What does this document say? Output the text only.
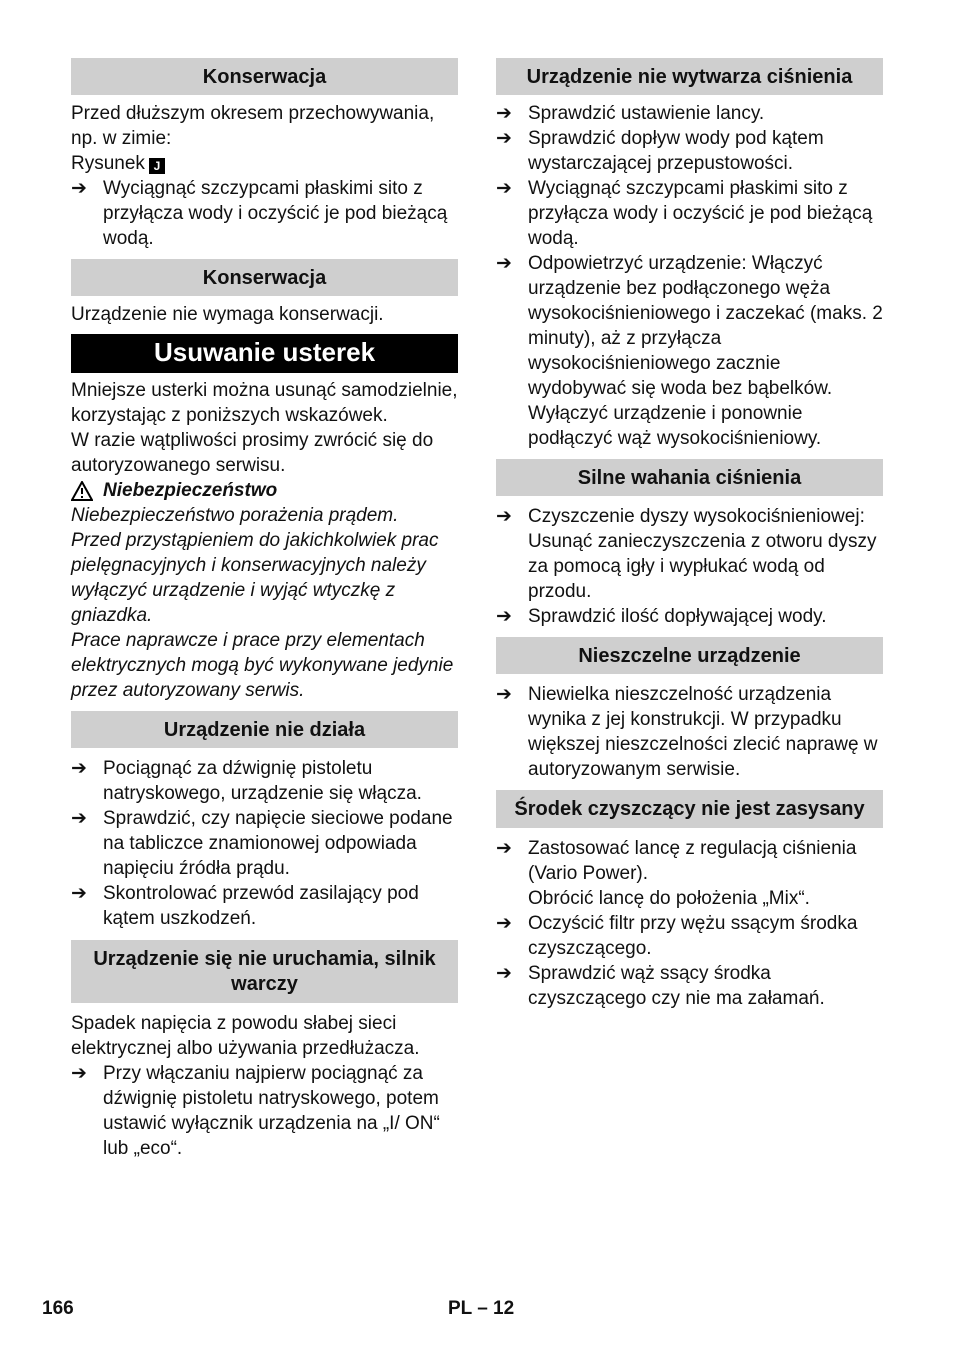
Konserwacja

Przed dłuższym okresem przechowywania, np. w zimie:

Rysunek J

➔ Wyciągnąć szczypcami płaskimi sito z przyłącza wody i oczyścić je pod bieżącą wodą.
Konserwacja

Urządzenie nie wymaga konserwacji.

Usuwanie usterek

Mniejsze usterki można usunąć samodzielnie, korzystając z poniższych wskazówek.

W razie wątpliwości prosimy zwrócić się do autoryzowanego serwisu.

Niebezpieczeństwo

Niebezpieczeństwo porażenia prądem.

Przed przystąpieniem do jakichkolwiek prac pielęgnacyjnych i konserwacyjnych należy wyłączyć urządzenie i wyjąć wtyczkę z gniazdka.

Prace naprawcze i prace przy elementach elektrycznych mogą być wykonywane jedynie przez autoryzowany serwis.

Urządzenie nie działa
➔ Pociągnąć za dźwignię pistoletu natryskowego, urządzenie się włącza.
➔ Sprawdzić, czy napięcie sieciowe podane na tabliczce znamionowej odpowiada napięciu źródła prądu.
➔ Skontrolować przewód zasilający pod kątem uszkodzeń.
Urządzenie się nie uruchamia, silnik warczy

Spadek napięcia z powodu słabej sieci elektrycznej albo używania przedłużacza.

➔ Przy włączaniu najpierw pociągnąć za dźwignię pistoletu natryskowego, potem ustawić wyłącznik urządzenia na „I/ ON“ lub „eco“.
Urządzenie nie wytwarza ciśnienia
➔ Sprawdzić ustawienie lancy.
➔ Sprawdzić dopływ wody pod kątem wystarczającej przepustowości.
➔ Wyciągnąć szczypcami płaskimi sito z przyłącza wody i oczyścić je pod bieżącą wodą.
➔ Odpowietrzyć urządzenie: Włączyć urządzenie bez podłączonego węża wysokociśnieniowego i zaczekać (maks. 2 minuty), aż z przyłącza wysokociśnieniowego zacznie wydobywać się woda bez bąbelków. Wyłączyć urządzenie i ponownie podłączyć wąż wysokociśnieniowy.
Silne wahania ciśnienia
➔ Czyszczenie dyszy wysokociśnieniowej: Usunąć zanieczyszczenia z otworu dyszy za pomocą igły i wypłukać wodą od przodu.
➔ Sprawdzić ilość dopływającej wody.
Nieszczelne urządzenie
➔ Niewielka nieszczelność urządzenia wynika z jej konstrukcji. W przypadku większej nieszczelności zlecić naprawę w autoryzowanym serwisie.
Środek czyszczący nie jest zasysany
➔ Zastosować lancę z regulacją ciśnienia (Vario Power).
Obrócić lancę do położenia „Mix“.
➔ Oczyścić filtr przy wężu ssącym środka czyszczącego.
➔ Sprawdzić wąż ssący środka czyszczącego czy nie ma załamań.
166	PL – 12
